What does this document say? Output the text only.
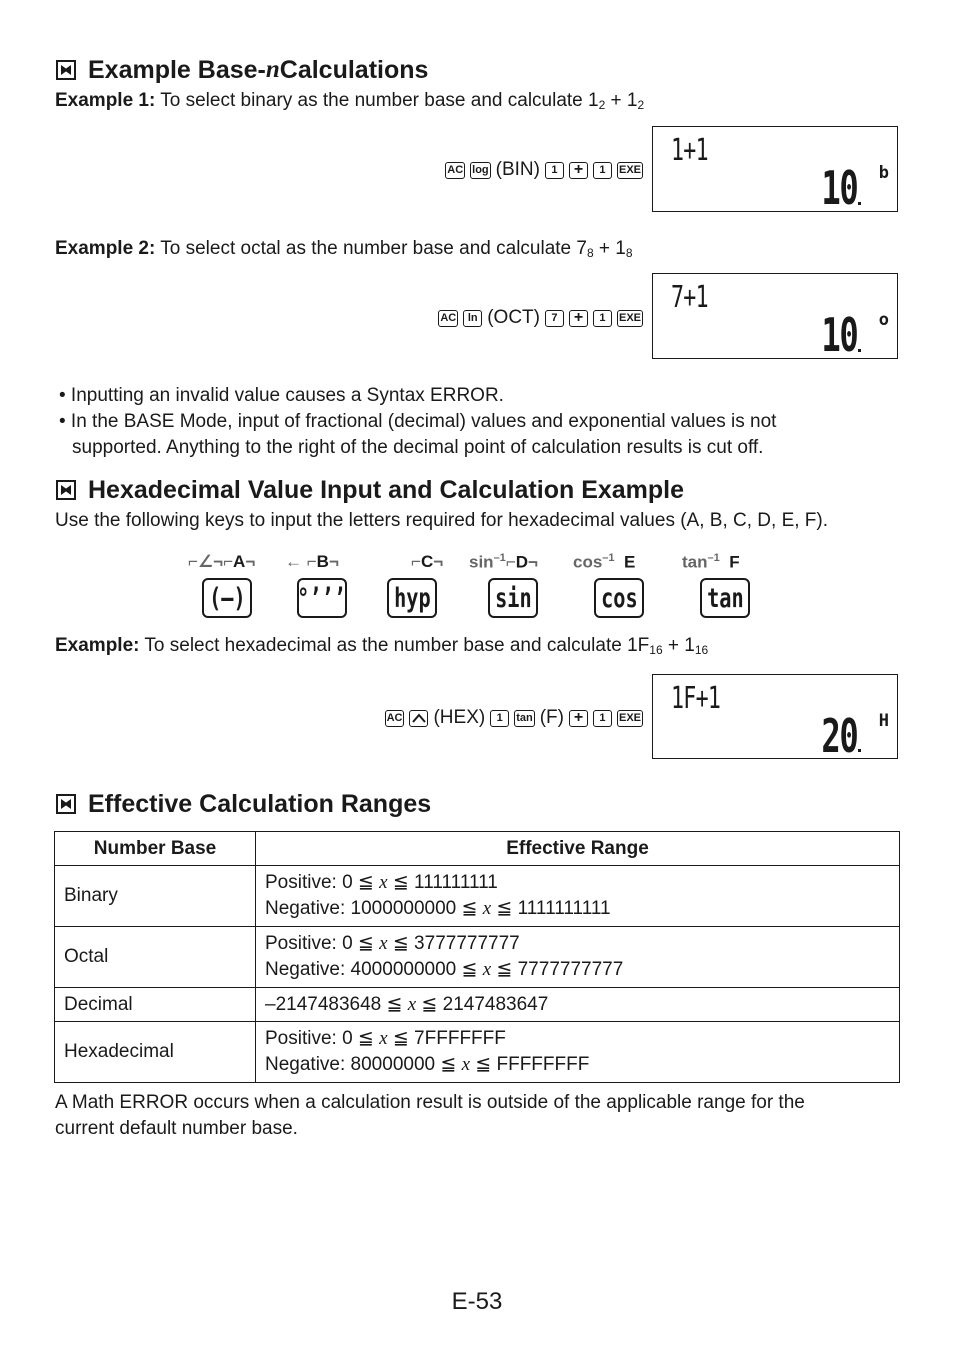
Example Base- n Calculations
Example 1: To select binary as the number base and calculate $1_2 + 1_2$
AC log (BIN)	1	+	1	EXE
1+1
10 b
Example 2: To select octal as the number base and calculate $7_8 + 1_8$
AC	ln (OCT)	7	+	1	EXE
7+1
10 o
• Inputting an invalid value causes a Syntax ERROR.
• In the BASE Mode, input of fractional (decimal) values and exponential values is not
supported. Anything to the right of the decimal point of calculation results is cut off.
Hexadecimal Value Input and Calculation Example
Use the following keys to input the letters required for hexadecimal values (A, B, C, D, E, F).
⌐∠¬⌐A¬ ← ⌐B¬	⌐C¬ $\sin^{-1}⌐D\neg$ $\cos^{-1} E$	$\tan^{-1} F$
(–) °’’’ hyp sin	cos	tan
Example: To select hexadecimal as the number base and calculate $1F_{16} + 1_{16}$
AC (HEX)	1	tan (F) +	1	EXE
1F+1
20 H
Effective Calculation Ranges
Number Base	Effective Range
Binary	Positive: 0 ≦ x ≦ 111111111
Negative: 1000000000 ≦ x ≦ 1111111111

Octal	Positive: 0 ≦ x ≦ 3777777777
Negative: 4000000000 ≦ x ≦ 7777777777

Decimal	–2147483648 ≦ x ≦ 2147483647

Hexadecimal	Positive: 0 ≦ x ≦ 7FFFFFFF
Negative: 80000000 ≦ x ≦ FFFFFFFF
A Math ERROR occurs when a calculation result is outside of the applicable range for the
current default number base.
E-53
